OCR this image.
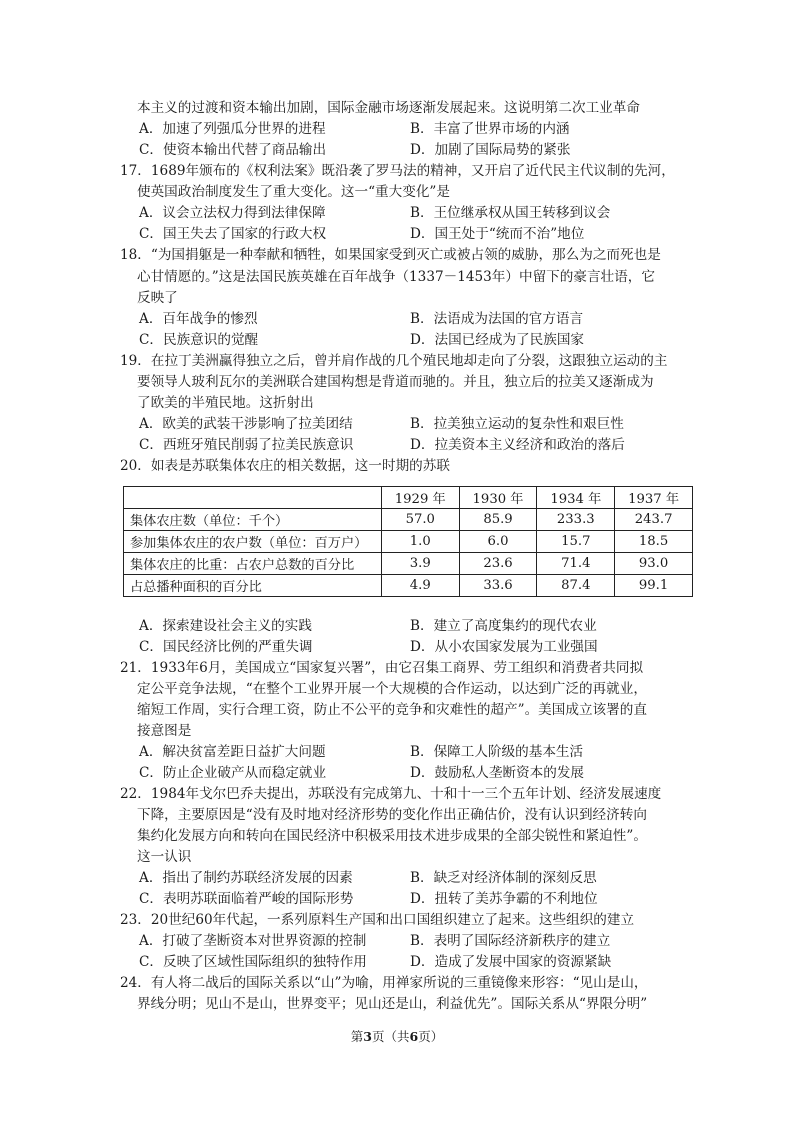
本主义的过渡和资本输出加剧，国际金融市场逐渐发展起来。这说明第二次工业革命
A．加速了列强瓜分世界的进程	B．丰富了世界市场的内涵
C．使资本输出代替了商品输出	D．加剧了国际局势的紧张
17．1689年颁布的《权利法案》既沿袭了罗马法的精神，又开启了近代民主代议制的先河，
使英国政治制度发生了重大变化。这一“重大变化”是
A．议会立法权力得到法律保障	B．王位继承权从国王转移到议会
C．国王失去了国家的行政大权	D．国王处于“统而不治”地位
18．“为国捐躯是一种奉献和牺牲，如果国家受到灭亡或被占领的威胁，那么为之而死也是
心甘情愿的。”这是法国民族英雄在百年战争（1337－1453年）中留下的豪言壮语，它
反映了
A．百年战争的惨烈	B．法语成为法国的官方语言
C．民族意识的觉醒	D．法国已经成为了民族国家
19．在拉丁美洲赢得独立之后，曾并肩作战的几个殖民地却走向了分裂，这跟独立运动的主
要领导人玻利瓦尔的美洲联合建国构想是背道而驰的。并且，独立后的拉美又逐渐成为
了欧美的半殖民地。这折射出
A．欧美的武装干涉影响了拉美团结	B．拉美独立运动的复杂性和艰巨性
C．西班牙殖民削弱了拉美民族意识	D．拉美资本主义经济和政治的落后
20．如表是苏联集体农庄的相关数据，这一时期的苏联
	1929 年	1930 年	1934 年	1937 年
集体农庄数（单位：千个）	57.0	85.9	233.3	243.7
参加集体农庄的农户数（单位：百万户）	1.0	6.0	15.7	18.5
集体农庄的比重：占农户总数的百分比	3.9	23.6	71.4	93.0
占总播种面积的百分比	4.9	33.6	87.4	99.1
A．探索建设社会主义的实践	B．建立了高度集约的现代农业
C．国民经济比例的严重失调	D．从小农国家发展为工业强国
21．1933年6月，美国成立“国家复兴署”，由它召集工商界、劳工组织和消费者共同拟
定公平竞争法规，“在整个工业界开展一个大规模的合作运动，以达到广泛的再就业，
缩短工作周，实行合理工资，防止不公平的竞争和灾难性的超产”。美国成立该署的直
接意图是
A．解决贫富差距日益扩大问题	B．保障工人阶级的基本生活
C．防止企业破产从而稳定就业	D．鼓励私人垄断资本的发展
22．1984年戈尔巴乔夫提出，苏联没有完成第九、十和十一三个五年计划、经济发展速度
下降，主要原因是“没有及时地对经济形势的变化作出正确估价，没有认识到经济转向
集约化发展方向和转向在国民经济中积极采用技术进步成果的全部尖锐性和紧迫性”。
这一认识
A．指出了制约苏联经济发展的因素	B．缺乏对经济体制的深刻反思
C．表明苏联面临着严峻的国际形势	D．扭转了美苏争霸的不利地位
23．20世纪60年代起，一系列原料生产国和出口国组织建立了起来。这些组织的建立
A．打破了垄断资本对世界资源的控制	B．表明了国际经济新秩序的建立
C．反映了区域性国际组织的独特作用	D．造成了发展中国家的资源紧缺
24．有人将二战后的国际关系以“山”为喻，用禅家所说的三重镜像来形容：“见山是山，
界线分明；见山不是山，世界变平；见山还是山，利益优先”。国际关系从“界限分明”
第3页（共6页）
